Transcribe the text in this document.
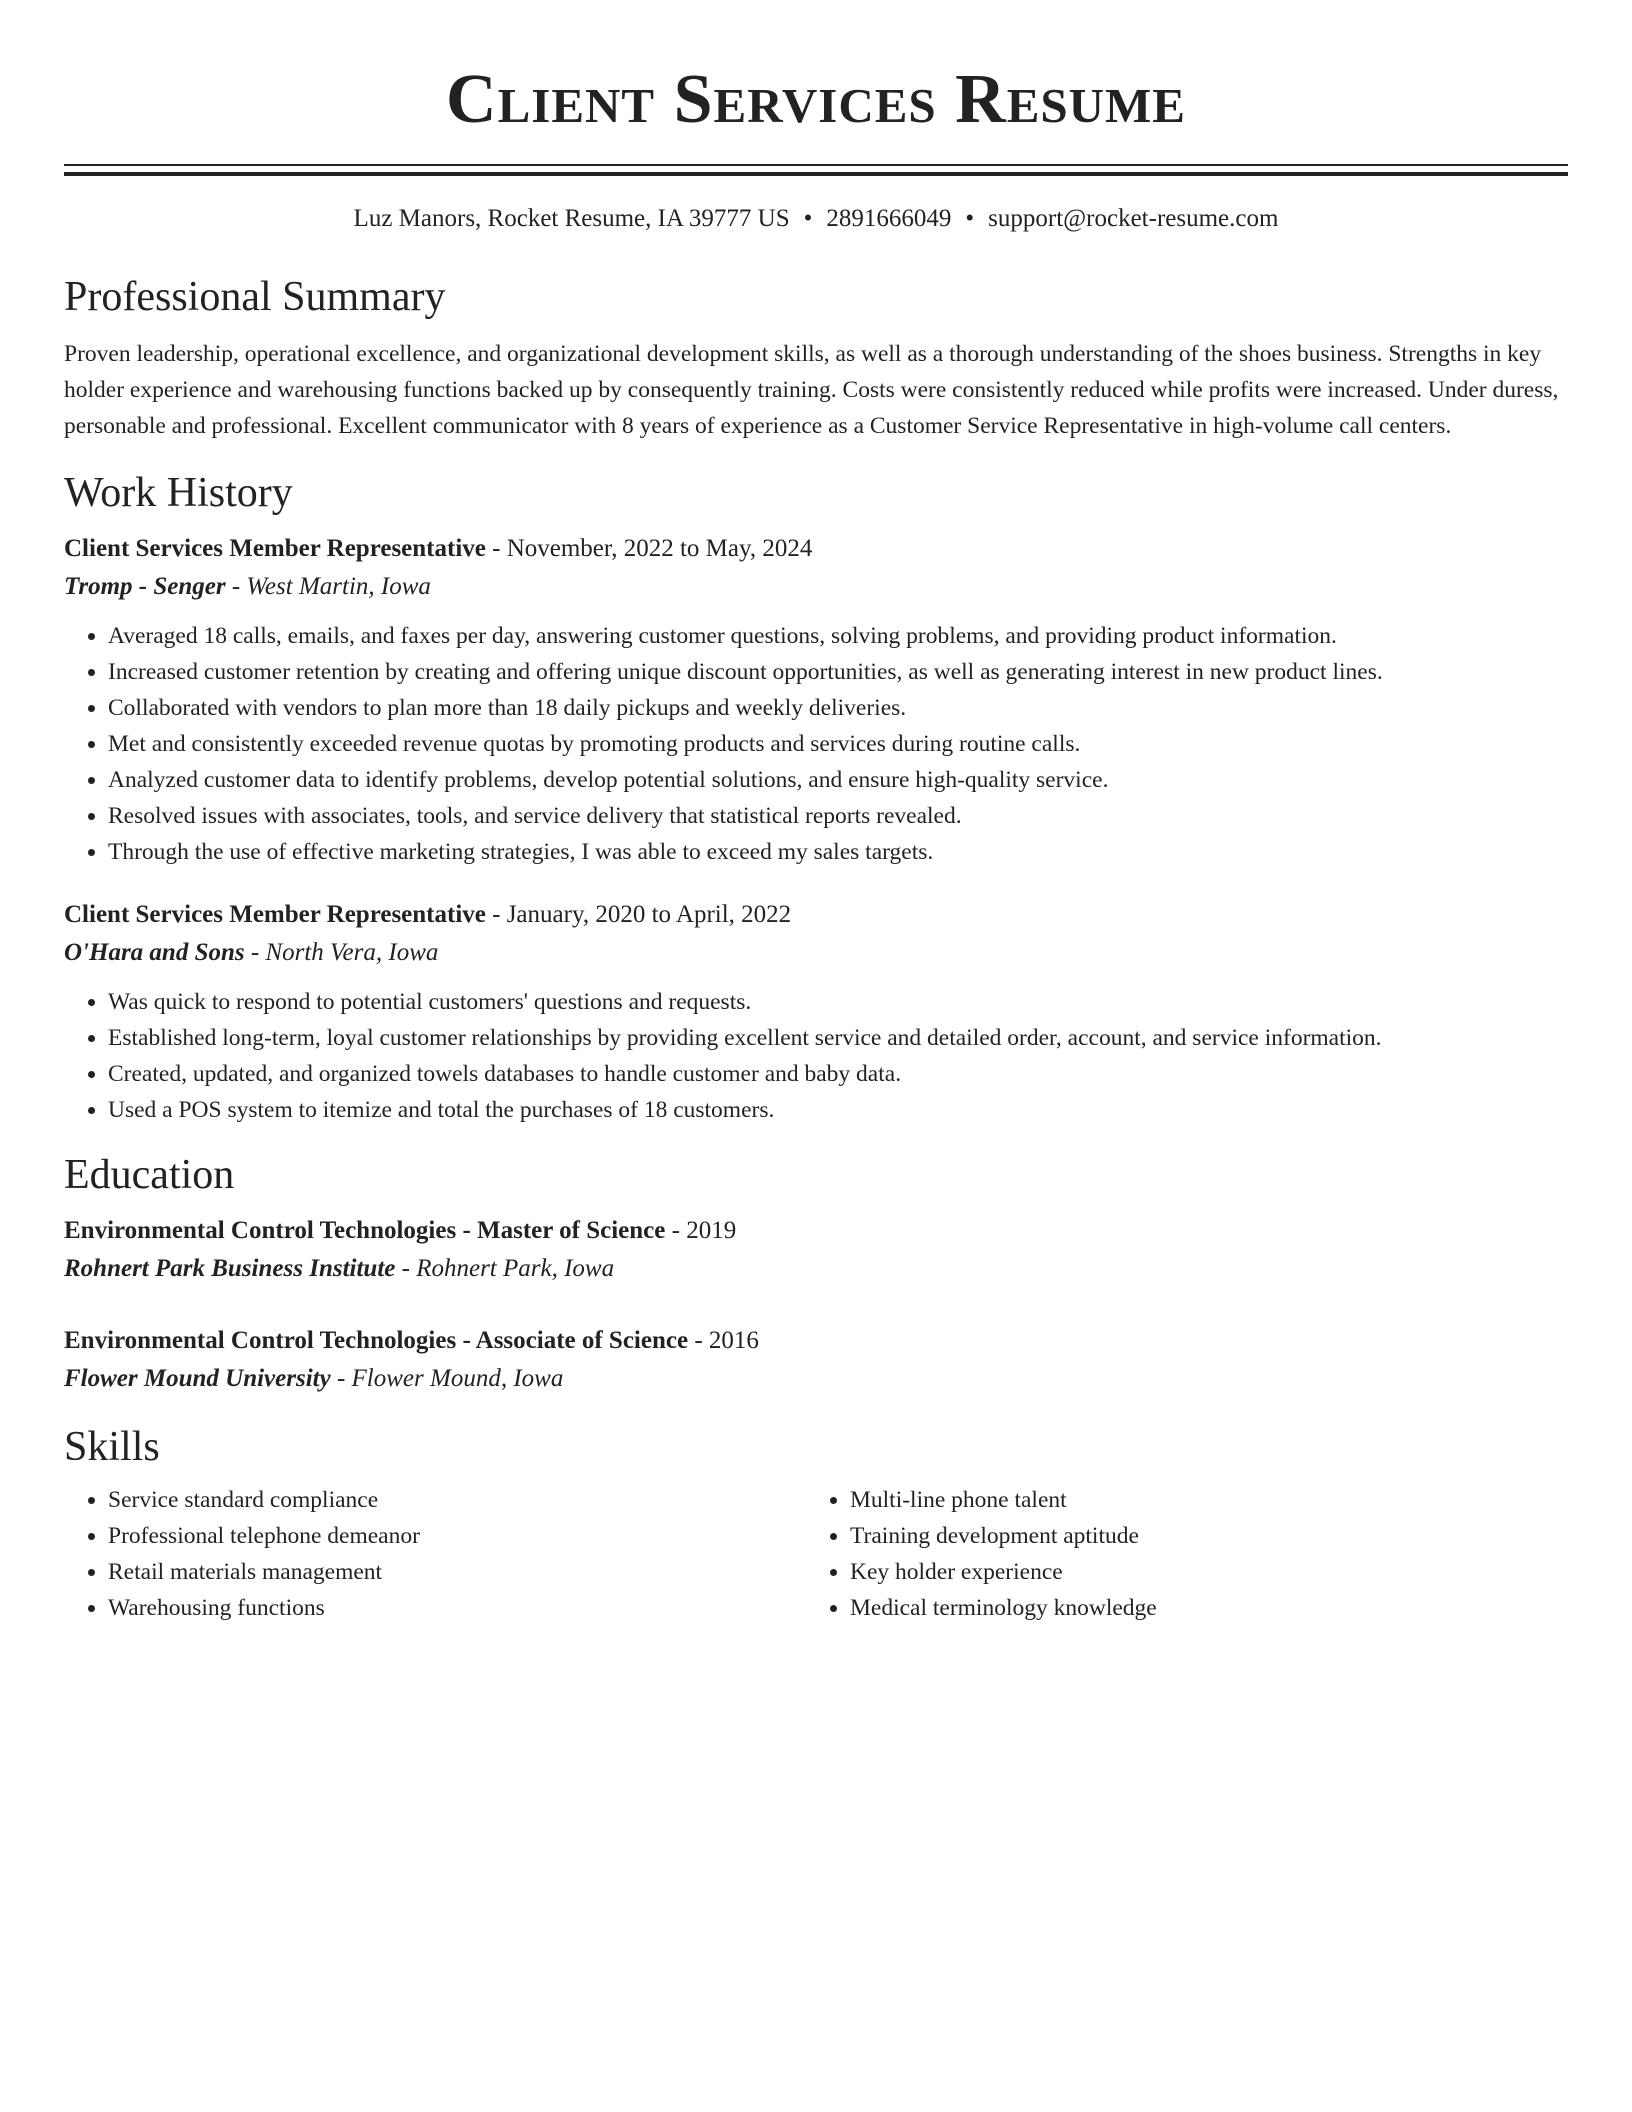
Client Services Resume
Luz Manors, Rocket Resume, IA 39777 US • 2891666049 • support@rocket-resume.com
Professional Summary

Proven leadership, operational excellence, and organizational development skills, as well as a thorough understanding of the shoes business. Strengths in key holder experience and warehousing functions backed up by consequently training. Costs were consistently reduced while profits were increased. Under duress, personable and professional. Excellent communicator with 8 years of experience as a Customer Service Representative in high-volume call centers.

Work History
Client Services Member Representative - November, 2022 to May, 2024
Tromp - Senger - West Martin, Iowa
• Averaged 18 calls, emails, and faxes per day, answering customer questions, solving problems, and providing product information.
• Increased customer retention by creating and offering unique discount opportunities, as well as generating interest in new product lines.
• Collaborated with vendors to plan more than 18 daily pickups and weekly deliveries.
• Met and consistently exceeded revenue quotas by promoting products and services during routine calls.
• Analyzed customer data to identify problems, develop potential solutions, and ensure high-quality service.
• Resolved issues with associates, tools, and service delivery that statistical reports revealed.
• Through the use of effective marketing strategies, I was able to exceed my sales targets.
Client Services Member Representative - January, 2020 to April, 2022
O'Hara and Sons - North Vera, Iowa
• Was quick to respond to potential customers' questions and requests.
• Established long-term, loyal customer relationships by providing excellent service and detailed order, account, and service information.
• Created, updated, and organized towels databases to handle customer and baby data.
• Used a POS system to itemize and total the purchases of 18 customers.
Education
Environmental Control Technologies - Master of Science - 2019
Rohnert Park Business Institute - Rohnert Park, Iowa
Environmental Control Technologies - Associate of Science - 2016
Flower Mound University - Flower Mound, Iowa
Skills
• Service standard compliance
• Professional telephone demeanor
• Retail materials management
• Warehousing functions
• Multi-line phone talent
• Training development aptitude
• Key holder experience
• Medical terminology knowledge
